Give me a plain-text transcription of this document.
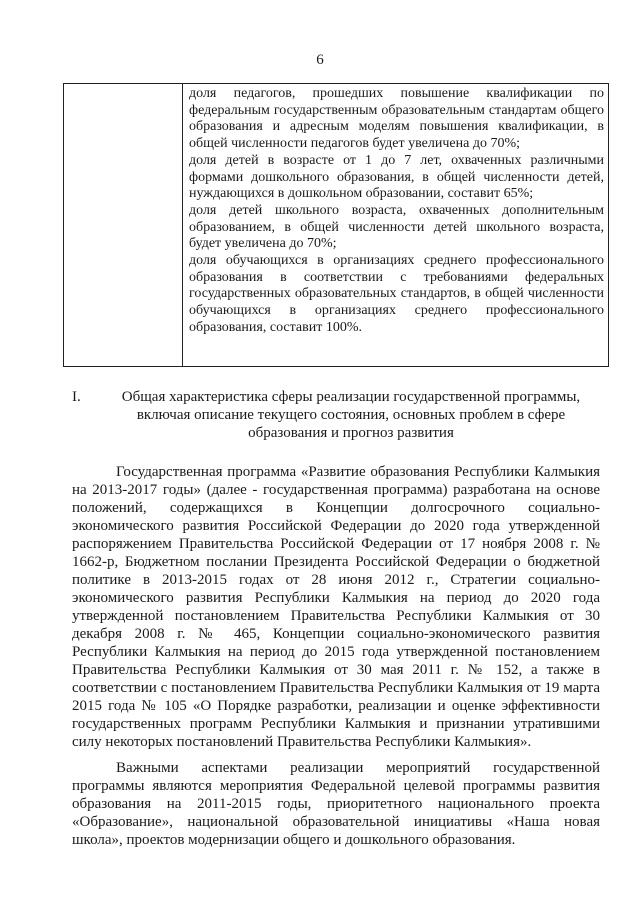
6

доля педагогов, прошедших повышение квалификации по федеральным государственным образовательным стандартам общего образования и адресным моделям повышения квалификации, в общей численности педагогов будет увеличена до 70%;

доля детей в возрасте от 1 до 7 лет, охваченных различными формами дошкольного образования, в общей численности детей, нуждающихся в дошкольном образовании, составит 65%;

доля детей школьного возраста, охваченных дополнительным образованием, в общей численности детей школьного возраста, будет увеличена до 70%;

доля обучающихся в организациях среднего профессионального образования в соответствии с требованиями федеральных государственных образовательных стандартов, в общей численности обучающихся в организациях среднего профессионального образования, составит 100%.

I.	Общая характеристика сферы реализации государственной программы, включая описание текущего состояния, основных проблем в сфере образования и прогноз развития

Государственная программа «Развитие образования Республики Калмыкия на 2013-2017 годы» (далее - государственная программа) разработана на основе положений, содержащихся в Концепции долгосрочного социально-экономического развития Российской Федерации до 2020 года утвержденной распоряжением Правительства Российской Федерации от 17 ноября 2008 г. № 1662-р, Бюджетном послании Президента Российской Федерации о бюджетной политике в 2013-2015 годах от 28 июня 2012 г., Стратегии социально-экономического развития Республики Калмыкия на период до 2020 года утвержденной постановлением Правительства Республики Калмыкия от 30 декабря 2008 г. № 465, Концепции социально-экономического развития Республики Калмыкия на период до 2015 года утвержденной постановлением Правительства Республики Калмыкия от 30 мая 2011 г. № 152, а также в соответствии с постановлением Правительства Республики Калмыкия от 19 марта 2015 года № 105 «О Порядке разработки, реализации и оценке эффективности государственных программ Республики Калмыкия и признании утратившими силу некоторых постановлений Правительства Республики Калмыкия».

Важными аспектами реализации мероприятий государственной программы являются мероприятия Федеральной целевой программы развития образования на 2011-2015 годы, приоритетного национального проекта «Образование», национальной образовательной инициативы «Наша новая школа», проектов модернизации общего и дошкольного образования.
